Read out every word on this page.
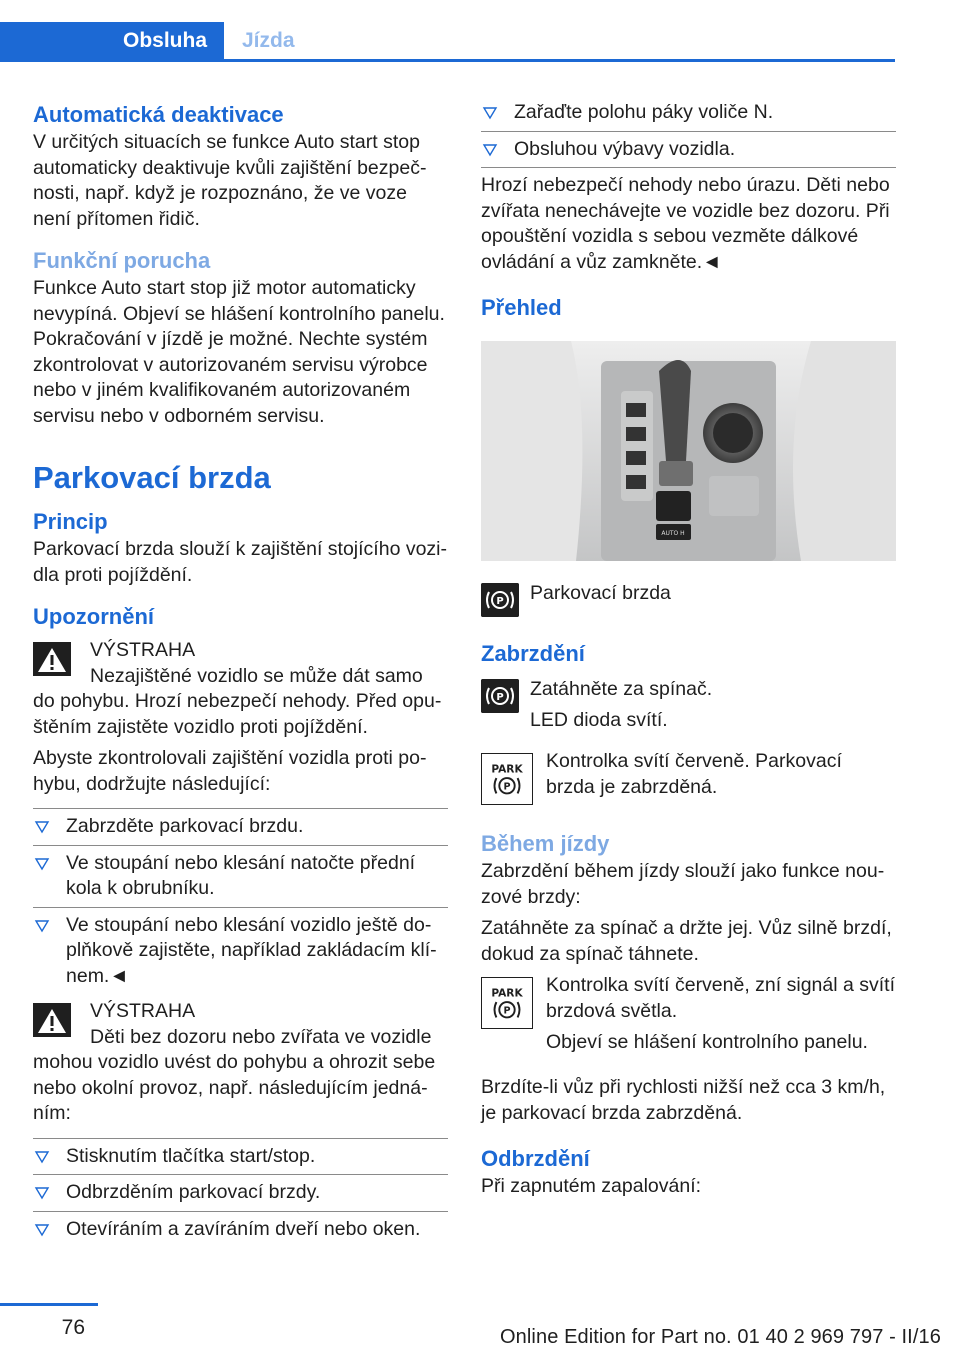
Obsluha	Jízda

Automatická deaktivace

V určitých situacích se funkce Auto start stop automaticky deaktivuje kvůli zajištění bezpeč-nosti, např. když je rozpoznáno, že ve voze není přítomen řidič.

Funkční porucha

Funkce Auto start stop již motor automaticky nevypíná. Objeví se hlášení kontrolního panelu. Pokračování v jízdě je možné. Nechte systém zkontrolovat v autorizovaném servisu výrobce nebo v jiném kvalifikovaném autorizovaném servisu nebo v odborném servisu.

Parkovací brzda

Princip

Parkovací brzda slouží k zajištění stojícího vozi-dla proti pojíždění.

Upozornění

VÝSTRAHA

Nezajištěné vozidlo se může dát samo do pohybu. Hrozí nebezpečí nehody. Před opu-štěním zajistěte vozidlo proti pojíždění.

Abyste zkontrolovali zajištění vozidla proti po-hybu, dodržujte následující:

Zabrzděte parkovací brzdu.

Ve stoupání nebo klesání natočte přední kola k obrubníku.

Ve stoupání nebo klesání vozidlo ještě do-plňkově zajistěte, například zakládacím klí-nem.◄

VÝSTRAHA

Děti bez dozoru nebo zvířata ve vozidle mohou vozidlo uvést do pohybu a ohrozit sebe nebo okolní provoz, např. následujícím jedná-ním:

Stisknutím tlačítka start/stop.

Odbrzděním parkovací brzdy.

Otevíráním a zavíráním dveří nebo oken.

Zařaďte polohu páky voliče N.

Obsluhou výbavy vozidla.

Hrozí nebezpečí nehody nebo úrazu. Děti nebo zvířata nenechávejte ve vozidle bez dozoru. Při opouštění vozidla s sebou vezměte dálkové ovládání a vůz zamkněte.◄

Přehled

AUTO H
P Parkovací brzda

Zabrzdění

P Zatáhněte za spínač.

LED dioda svítí.

PARK
P

Kontrolka svítí červeně. Parkovací brzda je zabrzděná.

Během jízdy

Zabrzdění během jízdy slouží jako funkce nou-zové brzdy:

Zatáhněte za spínač a držte jej. Vůz silně brzdí, dokud za spínač táhnete.

PARK
P

Kontrolka svítí červeně, zní signál a svítí brzdová světla.

Objeví se hlášení kontrolního panelu.

Brzdíte-li vůz při rychlosti nižší než cca 3 km/h, je parkovací brzda zabrzděná.

Odbrzdění

Při zapnutém zapalování:

76	Online Edition for Part no. 01 40 2 969 797 - II/16
